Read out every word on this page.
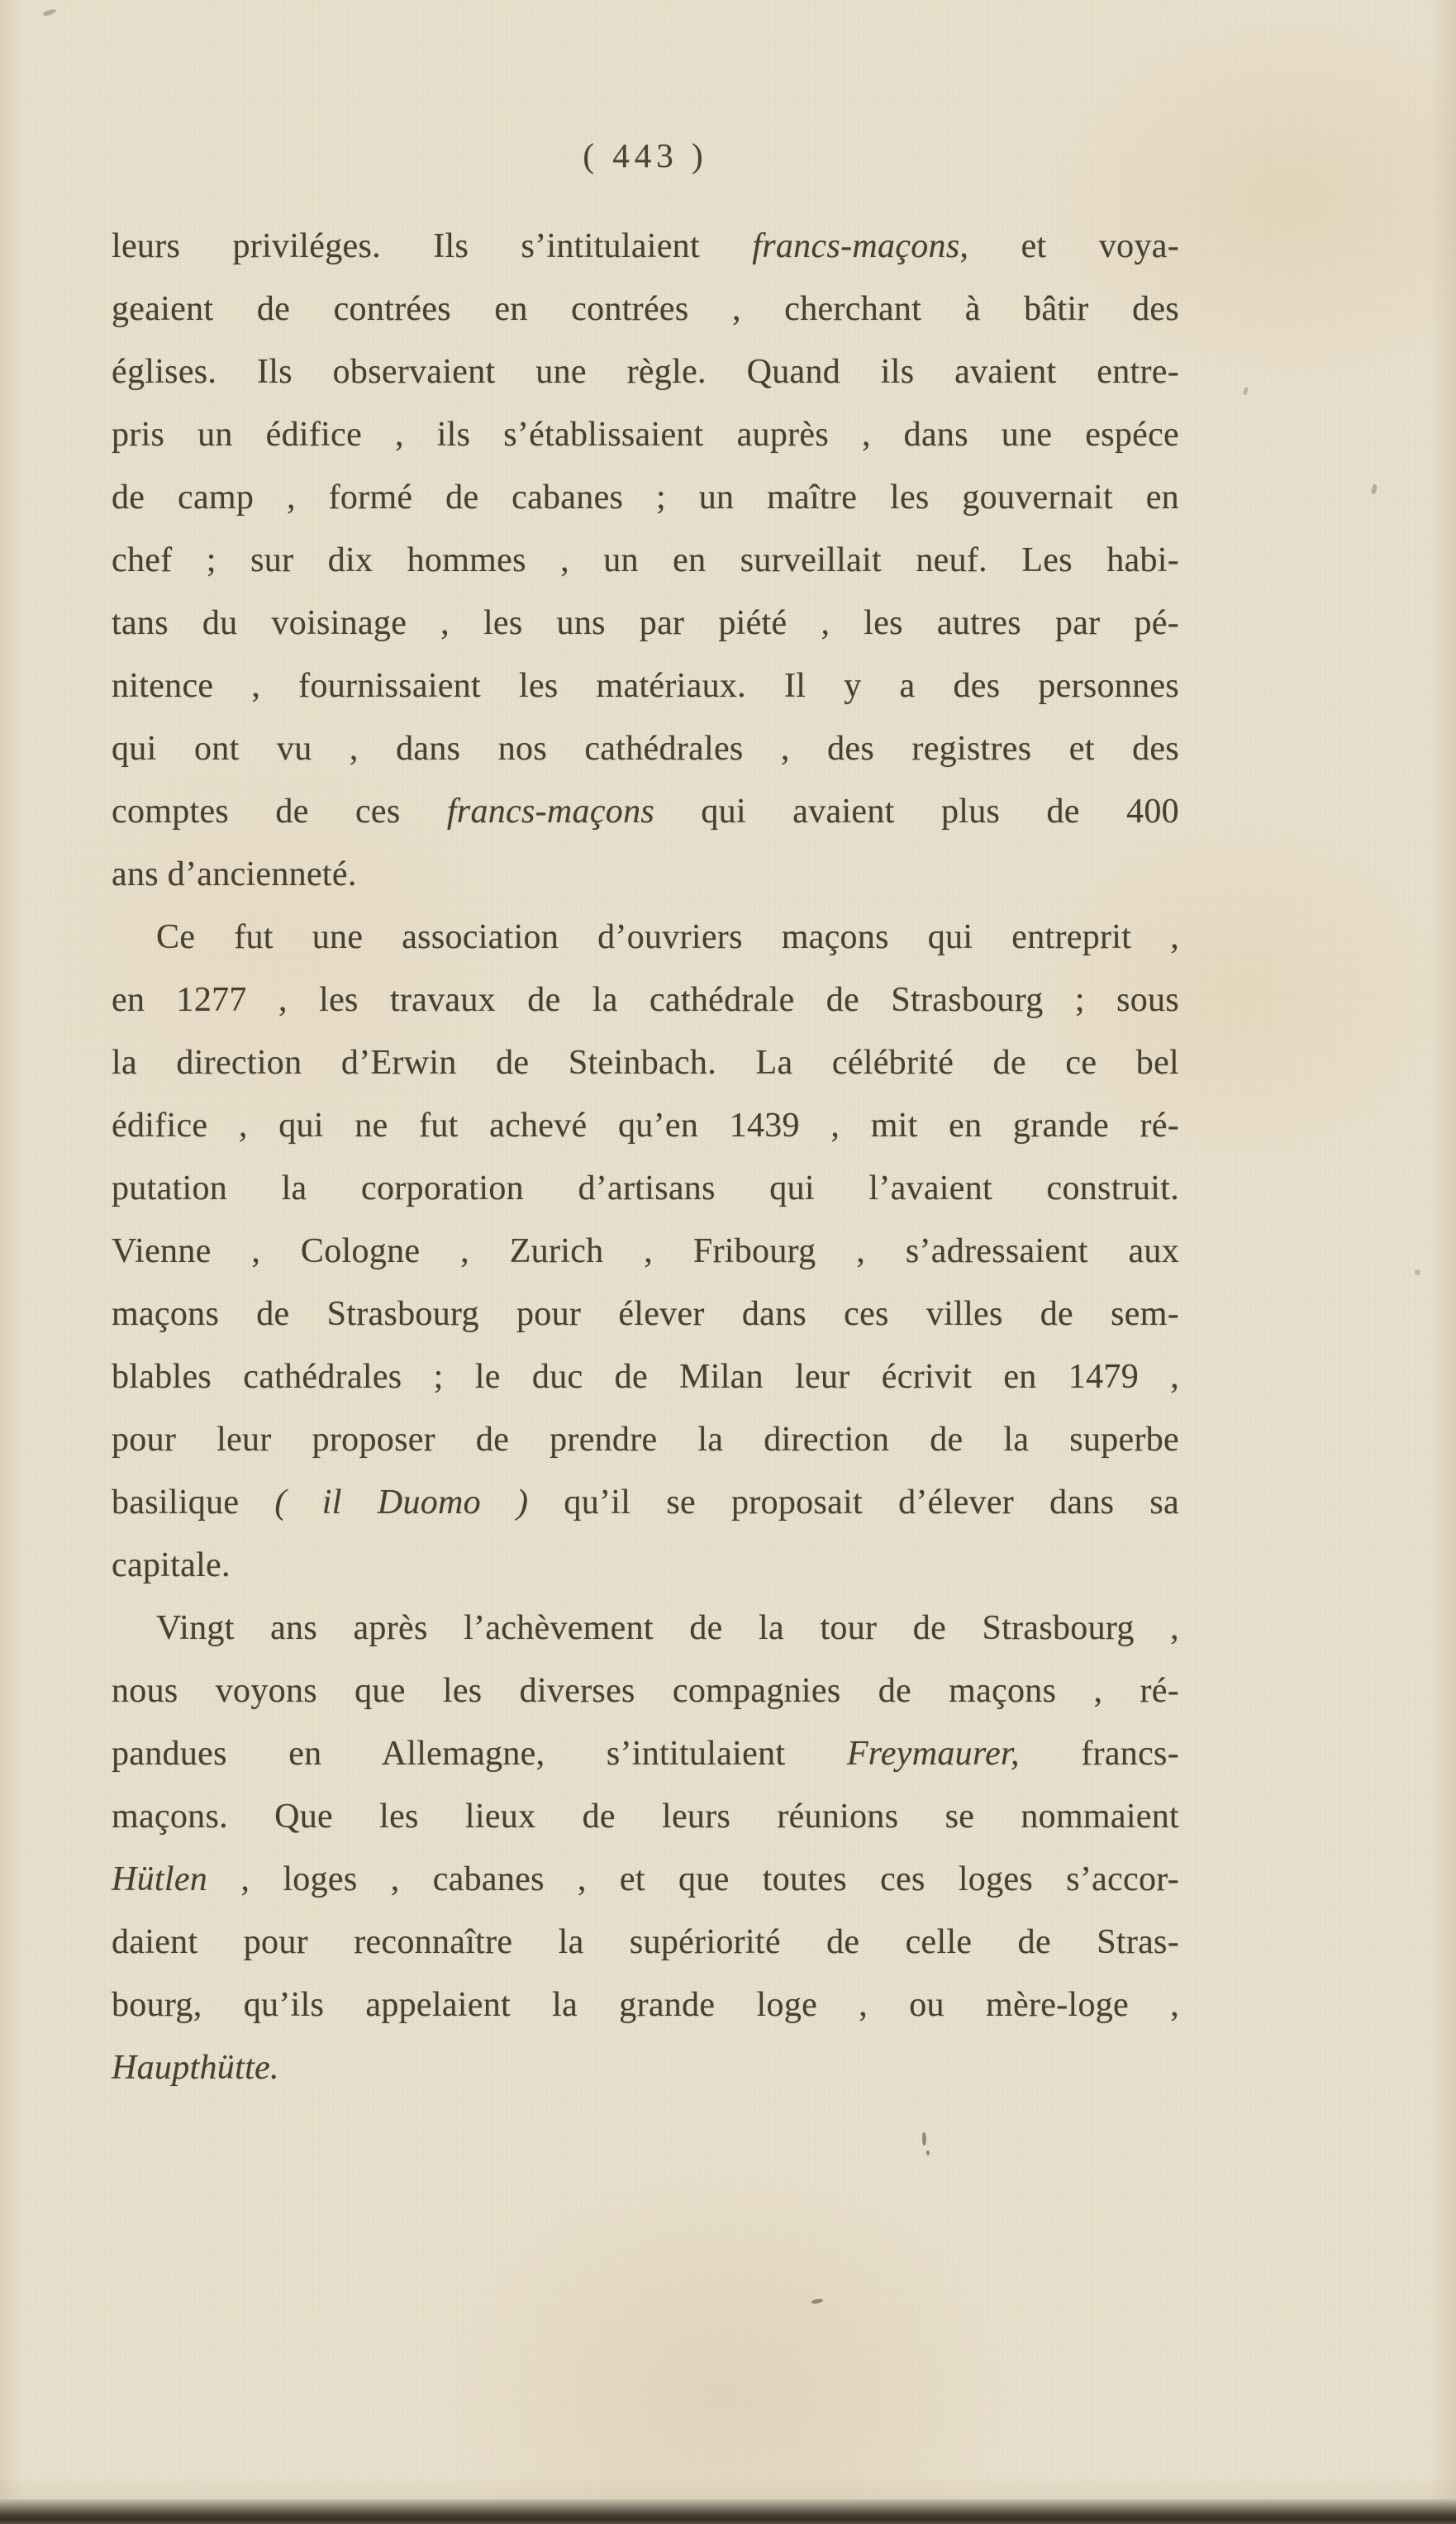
( 443 )
leurs priviléges. Ils s’intitulaient francs-maçons, et voya-
geaient de contrées en contrées , cherchant à bâtir des
églises. Ils observaient une règle. Quand ils avaient entre-
pris un édifice , ils s’établissaient auprès , dans une espéce
de camp , formé de cabanes ; un maître les gouvernait en
chef ; sur dix hommes , un en surveillait neuf. Les habi-
tans du voisinage , les uns par piété , les autres par pé-
nitence , fournissaient les matériaux. Il y a des personnes
qui ont vu , dans nos cathédrales , des registres et des
comptes de ces francs-maçons qui avaient plus de 400
ans d’ancienneté.
Ce fut une association d’ouvriers maçons qui entreprit ,
en 1277 , les travaux de la cathédrale de Strasbourg ; sous
la direction d’Erwin de Steinbach. La célébrité de ce bel
édifice , qui ne fut achevé qu’en 1439 , mit en grande ré-
putation la corporation d’artisans qui l’avaient construit.
Vienne , Cologne , Zurich , Fribourg , s’adressaient aux
maçons de Strasbourg pour élever dans ces villes de sem-
blables cathédrales ; le duc de Milan leur écrivit en 1479 ,
pour leur proposer de prendre la direction de la superbe
basilique ( il Duomo ) qu’il se proposait d’élever dans sa
capitale.
Vingt ans après l’achèvement de la tour de Strasbourg ,
nous voyons que les diverses compagnies de maçons , ré-
pandues en Allemagne, s’intitulaient Freymaurer, francs-
maçons. Que les lieux de leurs réunions se nommaient
Hütlen , loges , cabanes , et que toutes ces loges s’accor-
daient pour reconnaître la supériorité de celle de Stras-
bourg, qu’ils appelaient la grande loge , ou mère-loge ,
Haupthütte.
